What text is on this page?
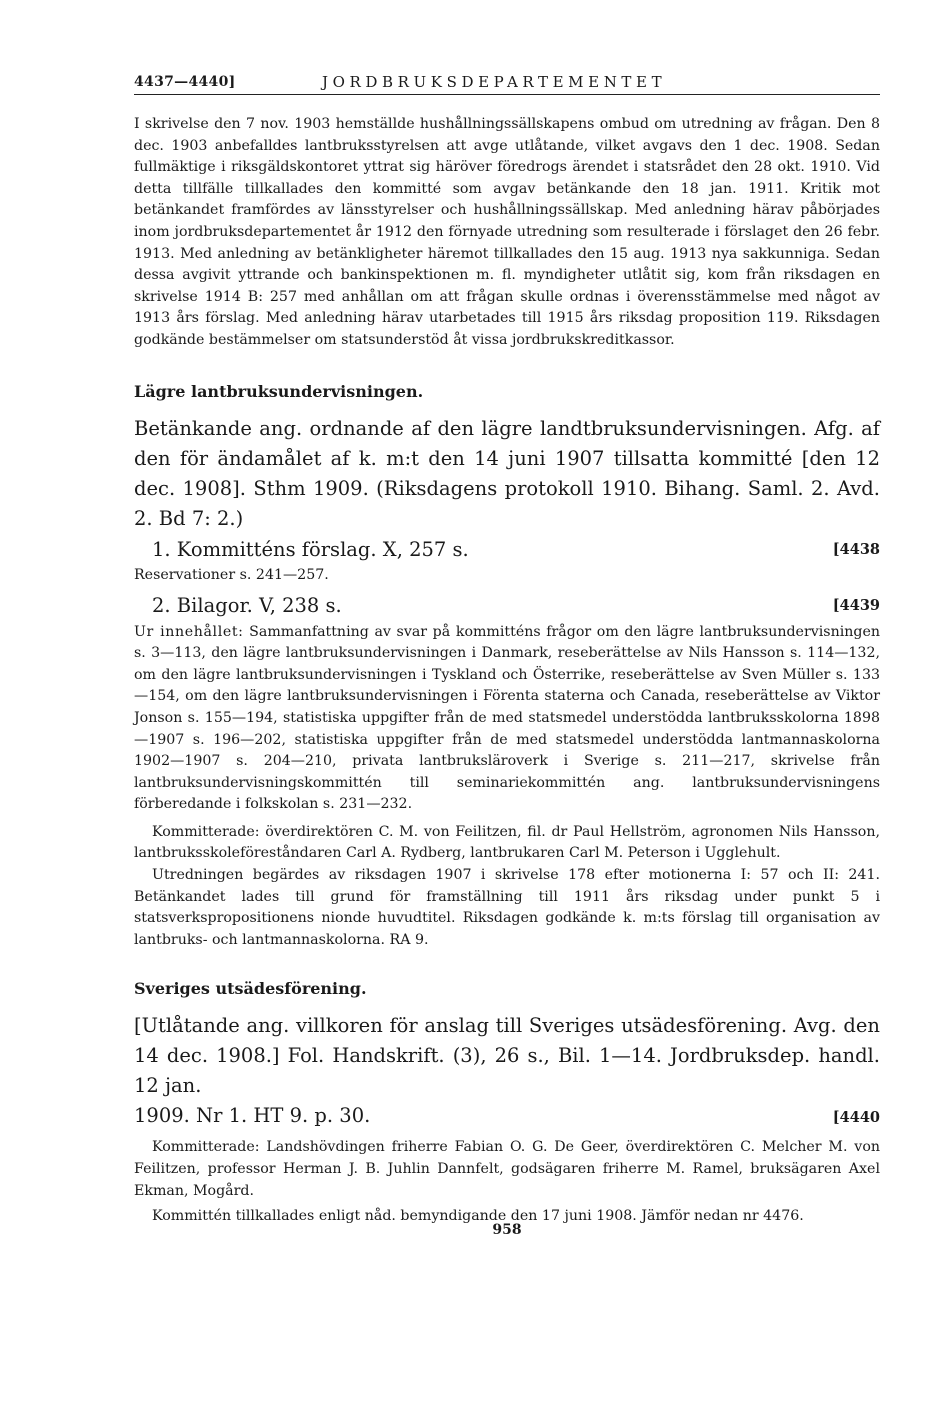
4437—4440]	JORDBRUKSDEPARTEMENTET

I skrivelse den 7 nov. 1903 hemställde hushållningssällskapens ombud om utredning av frågan. Den 8 dec. 1903 anbefalldes lantbruksstyrelsen att avge utlåtande, vilket avgavs den 1 dec. 1908. Sedan fullmäktige i riksgäldskontoret yttrat sig häröver föredrogs ärendet i statsrådet den 28 okt. 1910. Vid detta tillfälle tillkallades den kommitté som avgav betänkande den 18 jan. 1911. Kritik mot betänkandet framfördes av länsstyrelser och hushållningssällskap. Med anledning härav påbörjades inom jordbruksdepartementet år 1912 den förnyade utredning som resulterade i förslaget den 26 febr. 1913. Med anledning av betänkligheter häremot tillkallades den 15 aug. 1913 nya sakkunniga. Sedan dessa avgivit yttrande och bankinspektionen m. fl. myndigheter utlåtit sig, kom från riksdagen en skrivelse 1914 B: 257 med anhållan om att frågan skulle ordnas i överensstämmelse med något av 1913 års förslag. Med anledning härav utarbetades till 1915 års riksdag proposition 119. Riksdagen godkände bestämmelser om statsunderstöd åt vissa jordbrukskreditkassor.

Lägre lantbruksundervisningen.

Betänkande ang. ordnande af den lägre landtbruksundervisningen. Afg. af den för ändamålet af k. m:t den 14 juni 1907 tillsatta kommitté [den 12 dec. 1908]. Sthm 1909. (Riksdagens protokoll 1910. Bihang. Saml. 2. Avd. 2. Bd 7: 2.)

1. Kommitténs förslag. X, 257 s.	[4438

Reservationer s. 241—257.

2. Bilagor. V, 238 s.	[4439

Ur innehållet: Sammanfattning av svar på kommitténs frågor om den lägre lantbruksundervisningen s. 3—113, den lägre lantbruksundervisningen i Danmark, reseberättelse av Nils Hansson s. 114—132, om den lägre lantbruksundervisningen i Tyskland och Österrike, reseberättelse av Sven Müller s. 133—154, om den lägre lantbruksundervisningen i Förenta staterna och Canada, reseberättelse av Viktor Jonson s. 155—194, statistiska uppgifter från de med statsmedel understödda lantbruksskolorna 1898—1907 s. 196—202, statistiska uppgifter från de med statsmedel understödda lantmannaskolorna 1902—1907 s. 204—210, privata lantbruksläroverk i Sverige s. 211—217, skrivelse från lantbruksundervisningskommittén till seminariekommittén ang. lantbruksundervisningens förberedande i folkskolan s. 231—232.

Kommitterade: överdirektören C. M. von Feilitzen, fil. dr Paul Hellström, agronomen Nils Hansson, lantbruksskoleföreståndaren Carl A. Rydberg, lantbrukaren Carl M. Peterson i Ugglehult.

Utredningen begärdes av riksdagen 1907 i skrivelse 178 efter motionerna I: 57 och II: 241. Betänkandet lades till grund för framställning till 1911 års riksdag under punkt 5 i statsverkspropositionens nionde huvudtitel. Riksdagen godkände k. m:ts förslag till organisation av lantbruks- och lantmannaskolorna. RA 9.

Sveriges utsädesförening.

[Utlåtande ang. villkoren för anslag till Sveriges utsädesförening. Avg. den 14 dec. 1908.] Fol. Handskrift. (3), 26 s., Bil. 1—14. Jordbruksdep. handl. 12 jan.

1909. Nr 1. HT 9. p. 30.	[4440

Kommitterade: Landshövdingen friherre Fabian O. G. De Geer, överdirektören C. Melcher M. von Feilitzen, professor Herman J. B. Juhlin Dannfelt, godsägaren friherre M. Ramel, bruksägaren Axel Ekman, Mogård.

Kommittén tillkallades enligt nåd. bemyndigande den 17 juni 1908. Jämför nedan nr 4476.

958
